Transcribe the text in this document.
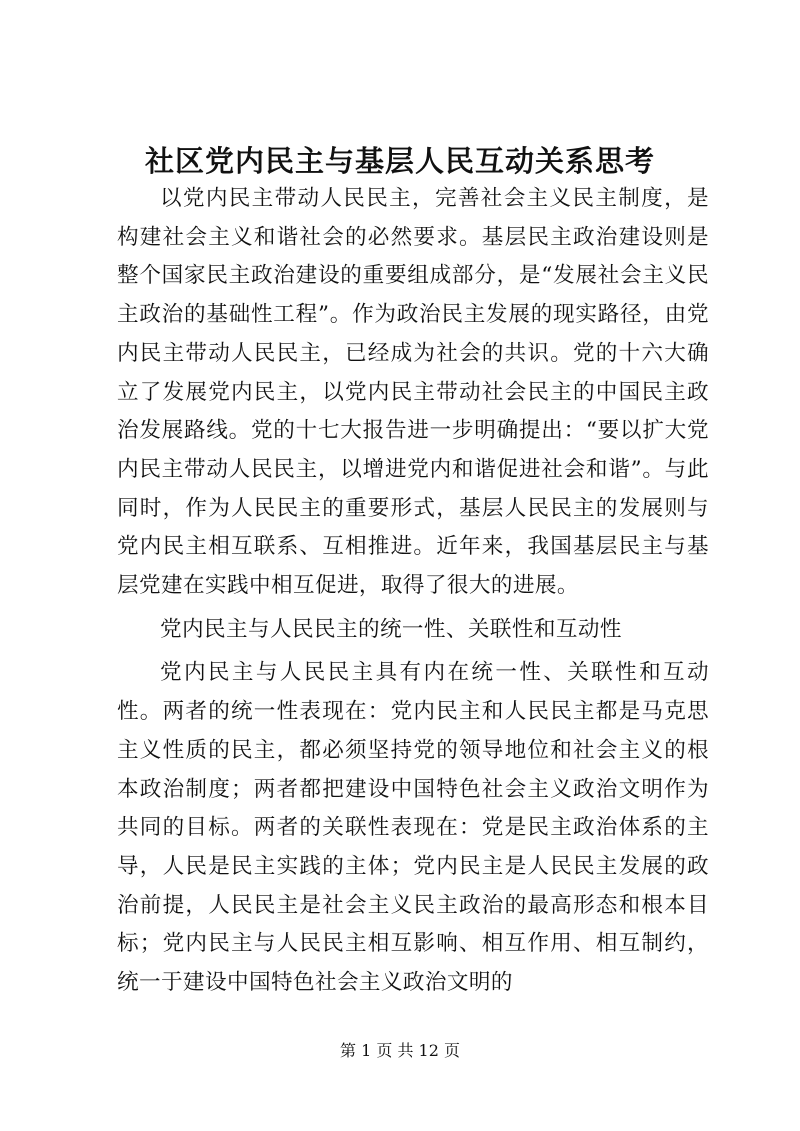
社区党内民主与基层人民互动关系思考

以党内民主带动人民民主，完善社会主义民主制度，是构建社会主义和谐社会的必然要求。基层民主政治建设则是整个国家民主政治建设的重要组成部分，是“发展社会主义民主政治的基础性工程”。作为政治民主发展的现实路径，由党内民主带动人民民主，已经成为社会的共识。党的十六大确立了发展党内民主，以党内民主带动社会民主的中国民主政治发展路线。党的十七大报告进一步明确提出：“要以扩大党内民主带动人民民主，以增进党内和谐促进社会和谐”。与此同时，作为人民民主的重要形式，基层人民民主的发展则与党内民主相互联系、互相推进。近年来，我国基层民主与基层党建在实践中相互促进，取得了很大的进展。

党内民主与人民民主的统一性、关联性和互动性

党内民主与人民民主具有内在统一性、关联性和互动性。两者的统一性表现在：党内民主和人民民主都是马克思主义性质的民主，都必须坚持党的领导地位和社会主义的根本政治制度；两者都把建设中国特色社会主义政治文明作为共同的目标。两者的关联性表现在：党是民主政治体系的主导，人民是民主实践的主体；党内民主是人民民主发展的政治前提，人民民主是社会主义民主政治的最高形态和根本目标；党内民主与人民民主相互影响、相互作用、相互制约，统一于建设中国特色社会主义政治文明的

第 1 页 共 12 页
